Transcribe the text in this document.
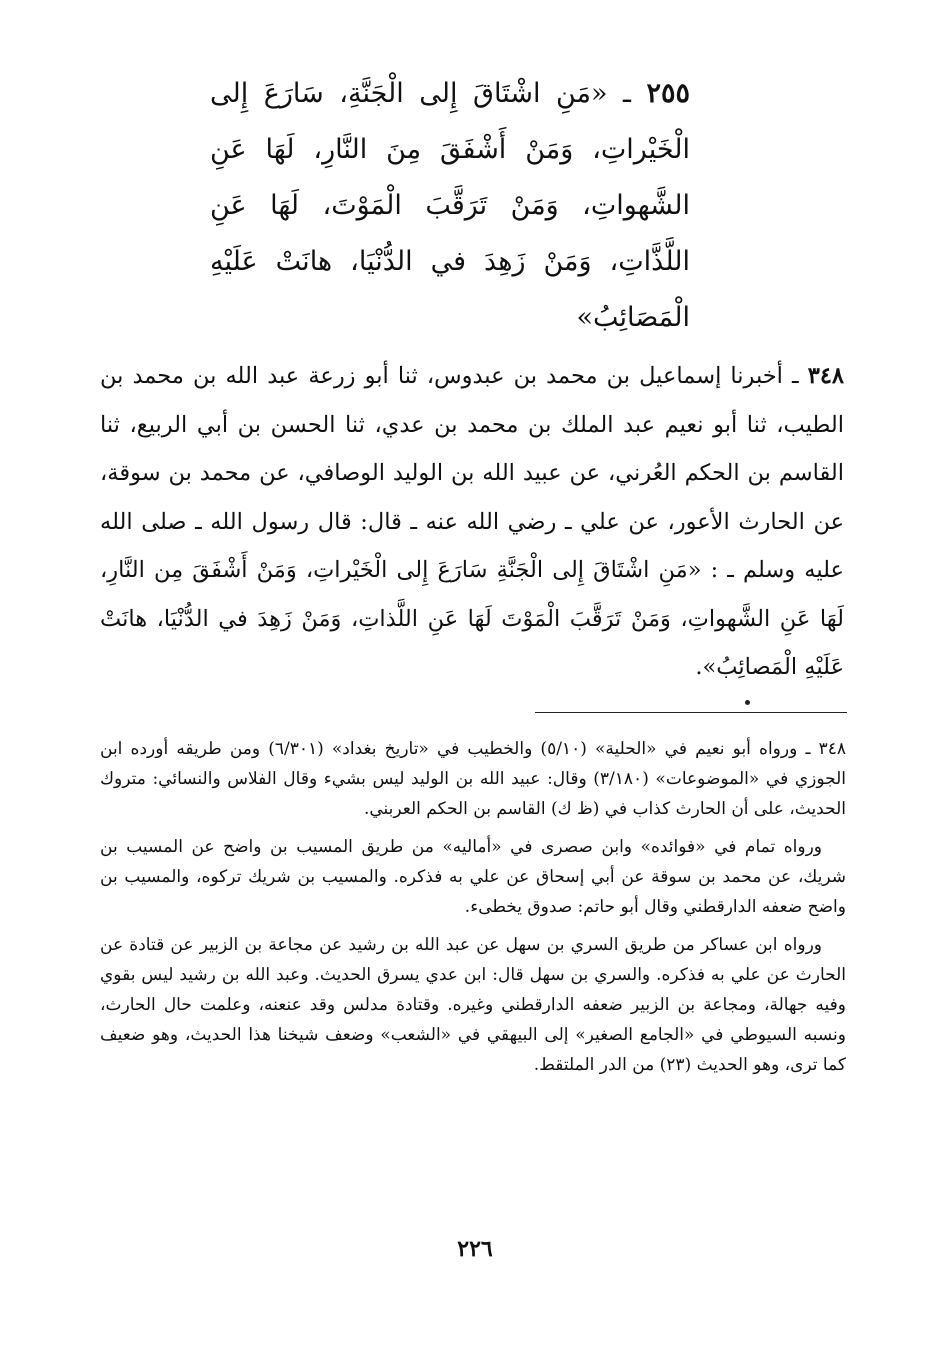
٢٥٥ ـ «مَنِ اشْتَاقَ إِلى الْجَنَّةِ، سَارَعَ إِلى الْخَيْراتِ، وَمَنْ أَشْفَقَ مِنَ النَّارِ، لَهَا عَنِ الشَّهواتِ، وَمَنْ تَرَقَّبَ الْمَوْتَ، لَهَا عَنِ اللَّذَّاتِ، وَمَنْ زَهِدَ في الدُّنْيَا، هانَتْ عَلَيْهِ الْمَصَائِبُ»
٣٤٨ ـ أخبرنا إسماعيل بن محمد بن عبدوس، ثنا أبو زرعة عبد الله بن محمد بن الطيب، ثنا أبو نعيم عبد الملك بن محمد بن عدي، ثنا الحسن بن أبي الربيع، ثنا القاسم بن الحكم العُرني، عن عبيد الله بن الوليد الوصافي، عن محمد بن سوقة، عن الحارث الأعور، عن علي ـ رضي الله عنه ـ قال: قال رسول الله ـ صلى الله عليه وسلم ـ : «مَنِ اشْتَاقَ إِلى الْجَنَّةِ سَارَعَ إِلى الْخَيْراتِ، وَمَنْ أَشْفَقَ مِن النَّارِ، لَهَا عَنِ الشَّهواتِ، وَمَنْ تَرَقَّبَ الْمَوْتَ لَهَا عَنِ اللَّذاتِ، وَمَنْ زَهِدَ في الدُّنْيَا، هانَتْ عَلَيْهِ الْمَصائِبُ».

٣٤٨ ـ ورواه أبو نعيم في «الحلية» (٥/١٠) والخطيب في «تاريخ بغداد» (٦/٣٠١) ومن طريقه أورده ابن الجوزي في «الموضوعات» (٣/١٨٠) وقال: عبيد الله بن الوليد ليس بشيء وقال الفلاس والنسائي: متروك الحديث، على أن الحارث كذاب في (ظ ك) القاسم بن الحكم العربني.

ورواه تمام في «فوائده» وابن صصرى في «أماليه» من طريق المسيب بن واضح عن المسيب بن شريك، عن محمد بن سوقة عن أبي إسحاق عن علي به فذكره. والمسيب بن شريك تركوه، والمسيب بن واضح ضعفه الدارقطني وقال أبو حاتم: صدوق يخطىء.

ورواه ابن عساكر من طريق السري بن سهل عن عبد الله بن رشيد عن مجاعة بن الزبير عن قتادة عن الحارث عن علي به فذكره. والسري بن سهل قال: ابن عدي يسرق الحديث. وعبد الله بن رشيد ليس بقوي وفيه جهالة، ومجاعة بن الزبير ضعفه الدارقطني وغيره. وقتادة مدلس وقد عنعنه، وعلمت حال الحارث، ونسبه السيوطي في «الجامع الصغير» إلى البيهقي في «الشعب» وضعف شيخنا هذا الحديث، وهو ضعيف كما ترى، وهو الحديث (٢٣) من الدر الملتقط.

٢٢٦
